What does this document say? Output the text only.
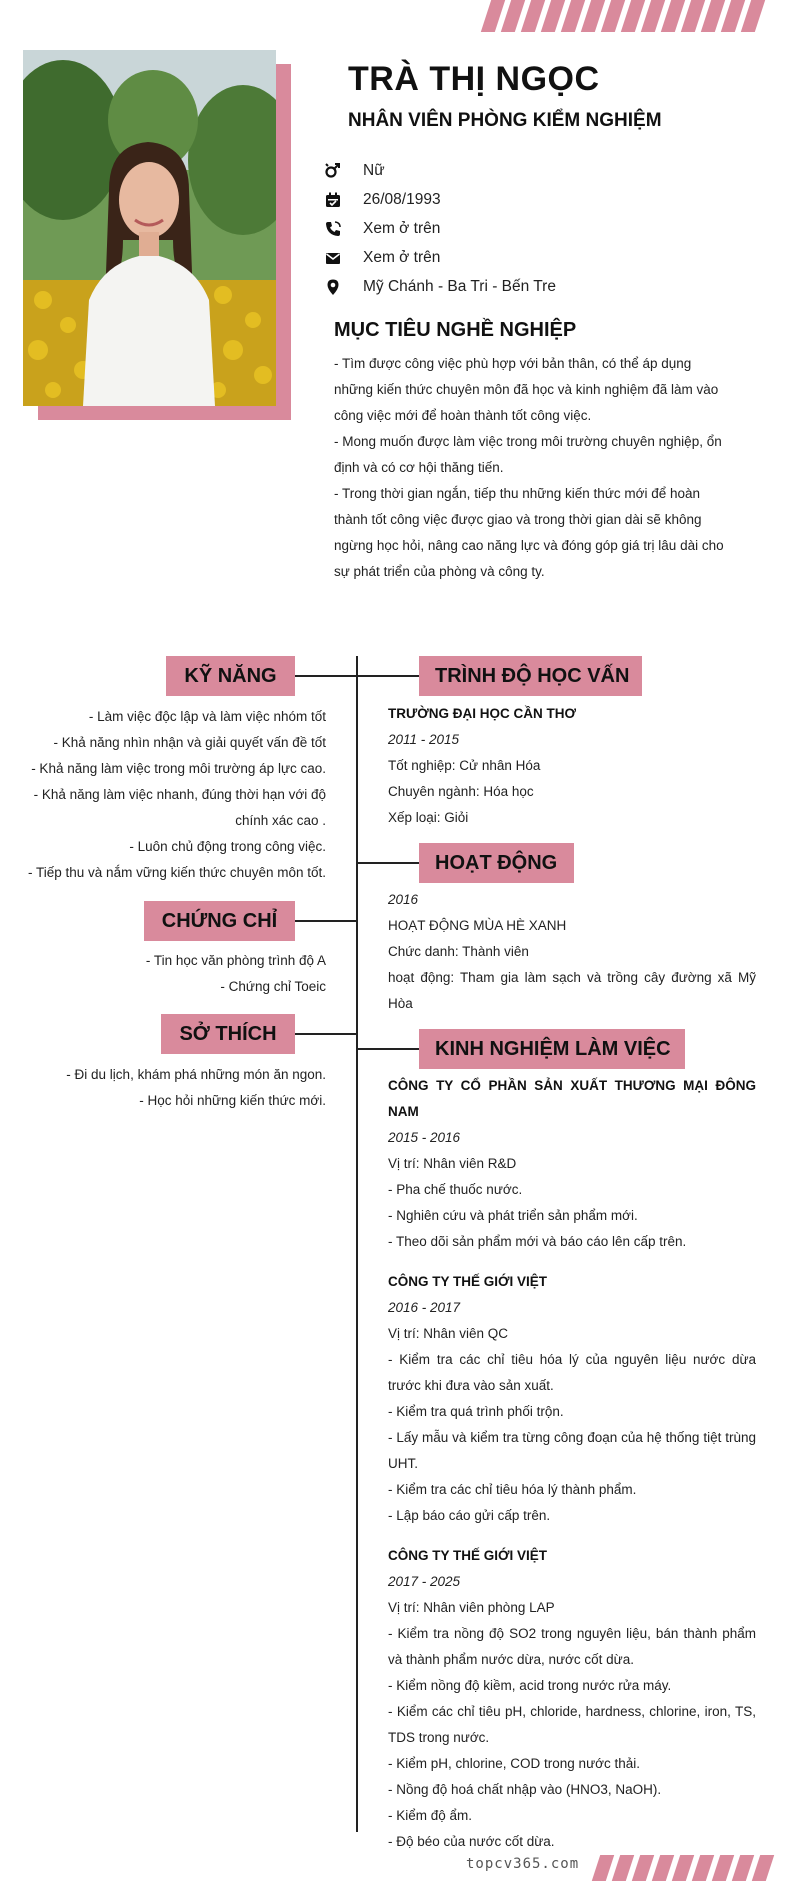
TRÀ THỊ NGỌC
NHÂN VIÊN PHÒNG KIỂM NGHIỆM
Nữ
26/08/1993
Xem ở trên
Xem ở trên
Mỹ Chánh - Ba Tri - Bến Tre
MỤC TIÊU NGHỀ NGHIỆP

- Tìm được công việc phù hợp với bản thân, có thể áp dụng những kiến thức chuyên môn đã học và kinh nghiệm đã làm vào công việc mới để hoàn thành tốt công việc.

- Mong muốn được làm việc trong môi trường chuyên nghiệp, ổn định và có cơ hội thăng tiến.

- Trong thời gian ngắn, tiếp thu những kiến thức mới để hoàn thành tốt công việc được giao và trong thời gian dài sẽ không ngừng học hỏi, nâng cao năng lực và đóng góp giá trị lâu dài cho sự phát triển của phòng và công ty.

KỸ NĂNG

- Làm việc độc lập và làm việc nhóm tốt

- Khả năng nhìn nhận và giải quyết vấn đề tốt

- Khả năng làm việc trong môi trường áp lực cao.

- Khả năng làm việc nhanh, đúng thời hạn với độ

chính xác cao .

- Luôn chủ động trong công việc.

- Tiếp thu và nắm vững kiến thức chuyên môn tốt.

CHỨNG CHỈ

- Tin học văn phòng trình độ A

- Chứng chỉ Toeic

SỞ THÍCH

- Đi du lịch, khám phá những món ăn ngon.

- Học hỏi những kiến thức mới.

TRÌNH ĐỘ HỌC VẤN

TRƯỜNG ĐẠI HỌC CẦN THƠ

2011 - 2015

Tốt nghiệp: Cử nhân Hóa

Chuyên ngành: Hóa học

Xếp loại: Giỏi

HOẠT ĐỘNG

2016

HOẠT ĐỘNG MÙA HÈ XANH

Chức danh: Thành viên

hoạt động: Tham gia làm sạch và trồng cây đường xã Mỹ Hòa

KINH NGHIỆM LÀM VIỆC

CÔNG TY CỔ PHẦN SẢN XUẤT THƯƠNG MẠI ĐÔNG NAM

2015 - 2016

Vị trí: Nhân viên R&D

- Pha chế thuốc nước.

- Nghiên cứu và phát triển sản phẩm mới.

- Theo dõi sản phẩm mới và báo cáo lên cấp trên.

CÔNG TY THẾ GIỚI VIỆT

2016 - 2017

Vị trí: Nhân viên QC

- Kiểm tra các chỉ tiêu hóa lý của nguyên liệu nước dừa trước khi đưa vào sản xuất.

- Kiểm tra quá trình phối trộn.

- Lấy mẫu và kiểm tra từng công đoạn của hệ thống tiệt trùng UHT.

- Kiểm tra các chỉ tiêu hóa lý thành phẩm.

- Lập báo cáo gửi cấp trên.

CÔNG TY THẾ GIỚI VIỆT

2017 - 2025

Vị trí: Nhân viên phòng LAP

- Kiểm tra nồng độ SO2 trong nguyên liệu, bán thành phẩm và thành phẩm nước dừa, nước cốt dừa.

- Kiểm nồng độ kiềm, acid trong nước rửa máy.

- Kiểm các chỉ tiêu pH, chloride, hardness, chlorine, iron, TS, TDS trong nước.

- Kiểm pH, chlorine, COD trong nước thải.

- Nồng độ hoá chất nhập vào (HNO3, NaOH).

- Kiểm độ ẩm.

- Độ béo của nước cốt dừa.

topcv365.com
